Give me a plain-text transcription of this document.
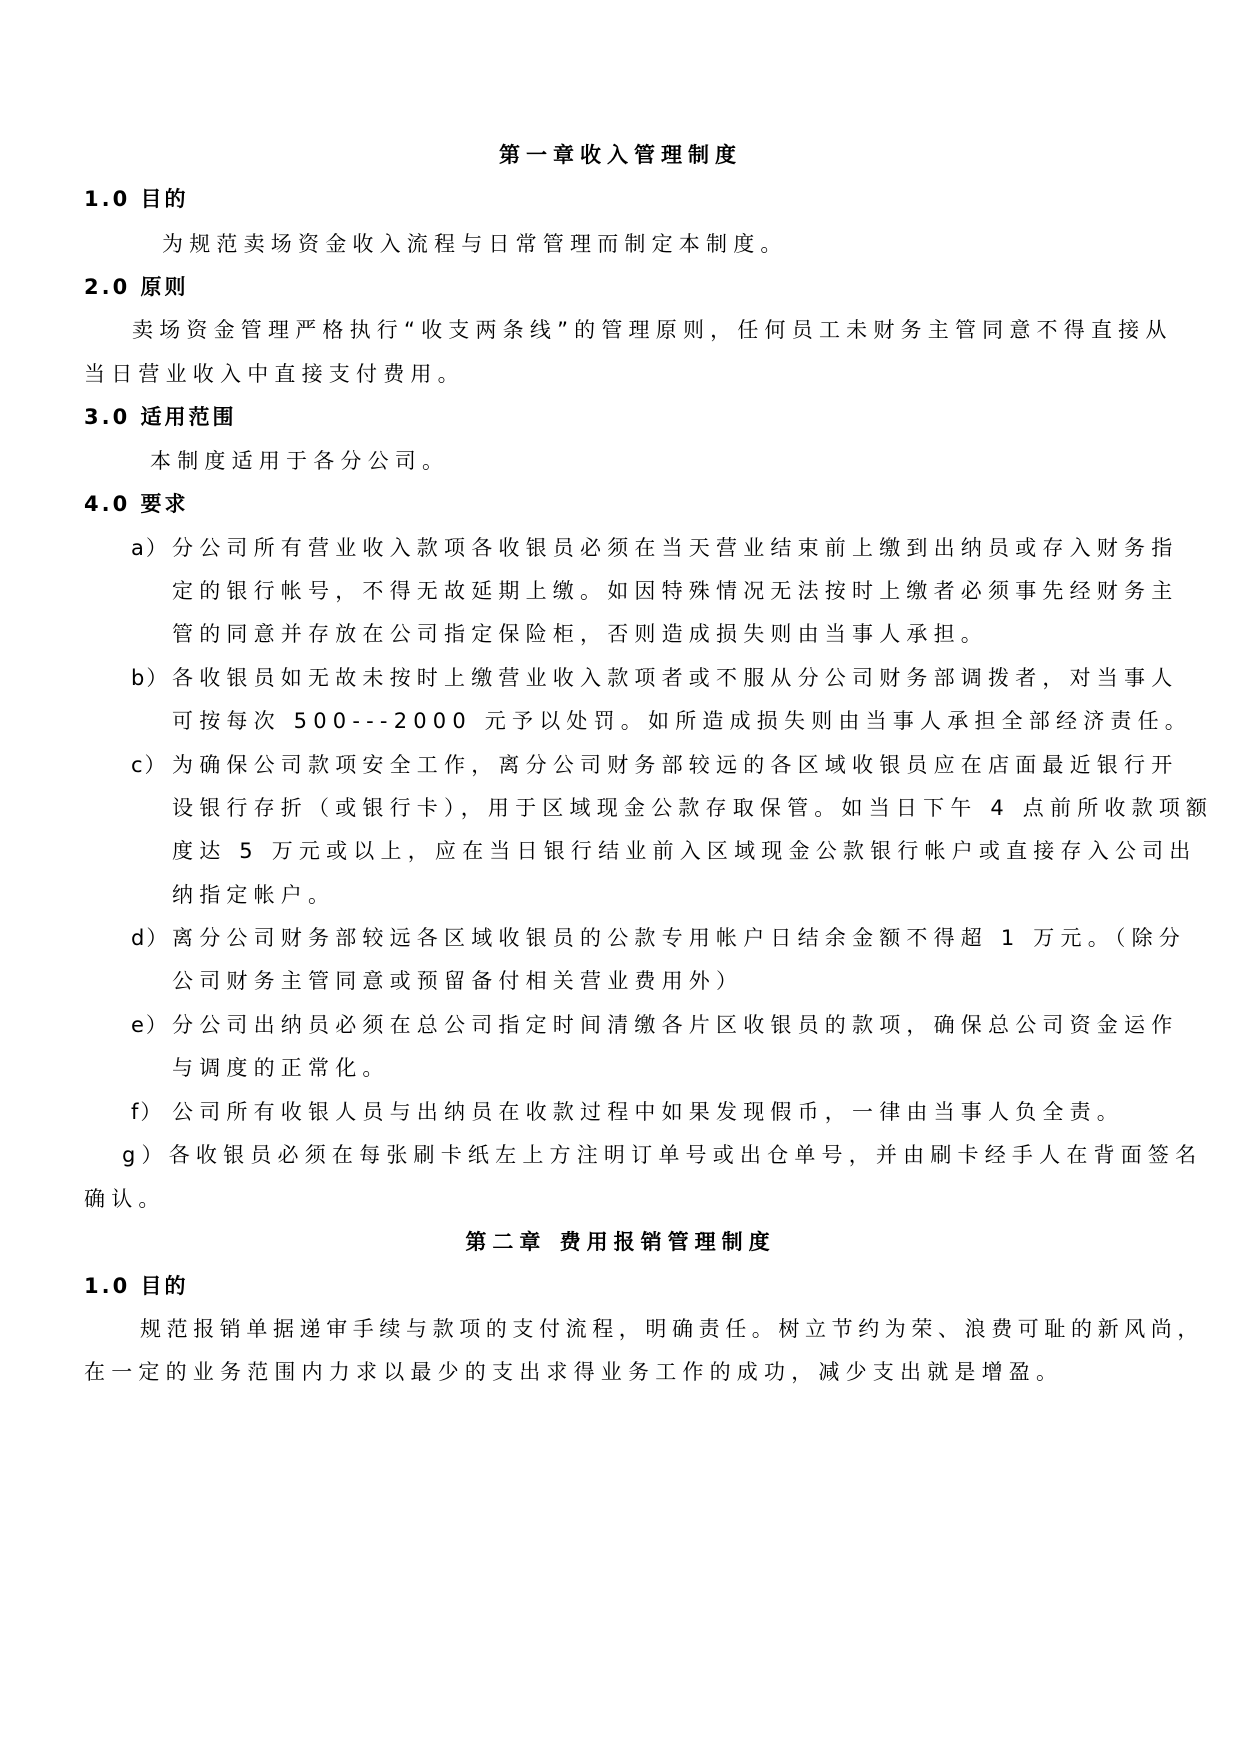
第一章收入管理制度
1.0 目的
为规范卖场资金收入流程与日常管理而制定本制度。
2.0 原则
卖场资金管理严格执行“收支两条线”的管理原则，任何员工未财务主管同意不得直接从
当日营业收入中直接支付费用。
3.0 适用范围
本制度适用于各分公司。
4.0 要求
a） 分公司所有营业收入款项各收银员必须在当天营业结束前上缴到出纳员或存入财务指
定的银行帐号，不得无故延期上缴。如因特殊情况无法按时上缴者必须事先经财务主
管的同意并存放在公司指定保险柜，否则造成损失则由当事人承担。
b） 各收银员如无故未按时上缴营业收入款项者或不服从分公司财务部调拨者，对当事人
可按每次 500---2000 元予以处罚。如所造成损失则由当事人承担全部经济责任。
c） 为确保公司款项安全工作，离分公司财务部较远的各区域收银员应在店面最近银行开
设银行存折（或银行卡），用于区域现金公款存取保管。如当日下午 4 点前所收款项额
度达 5 万元或以上，应在当日银行结业前入区域现金公款银行帐户或直接存入公司出
纳指定帐户。
d） 离分公司财务部较远各区域收银员的公款专用帐户日结余金额不得超 1 万元。（除分
公司财务主管同意或预留备付相关营业费用外）
e） 分公司出纳员必须在总公司指定时间清缴各片区收银员的款项，确保总公司资金运作
与调度的正常化。
f） 公司所有收银人员与出纳员在收款过程中如果发现假币，一律由当事人负全责。
g）各收银员必须在每张刷卡纸左上方注明订单号或出仓单号，并由刷卡经手人在背面签名
确认。
第二章 费用报销管理制度
1.0 目的
规范报销单据递审手续与款项的支付流程，明确责任。树立节约为荣、浪费可耻的新风尚，
在一定的业务范围内力求以最少的支出求得业务工作的成功，减少支出就是增盈。
